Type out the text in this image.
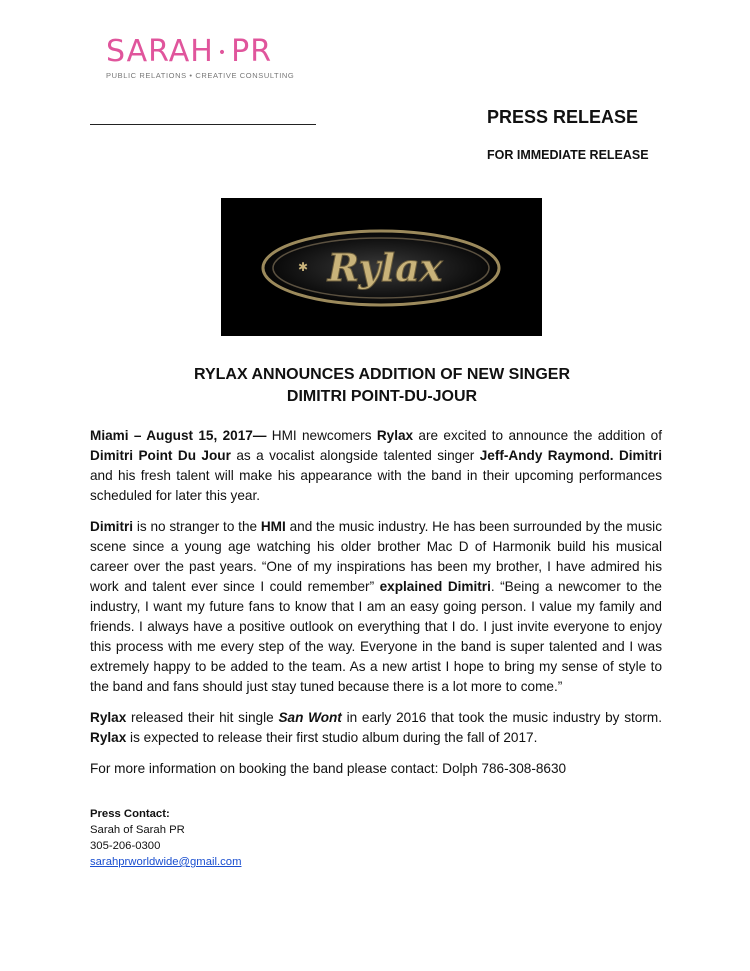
SARAH • PR
PUBLIC RELATIONS • CREATIVE CONSULTING
PRESS RELEASE
FOR IMMEDIATE RELEASE
Rylax
✱
RYLAX ANNOUNCES ADDITION OF NEW SINGER
DIMITRI POINT-DU-JOUR

Miami – August 15, 2017— HMI newcomers Rylax are excited to announce the addition of Dimitri Point Du Jour as a vocalist alongside talented singer Jeff-Andy Raymond. Dimitri and his fresh talent will make his appearance with the band in their upcoming performances scheduled for later this year.

Dimitri is no stranger to the HMI and the music industry. He has been surrounded by the music scene since a young age watching his older brother Mac D of Harmonik build his musical career over the past years. “One of my inspirations has been my brother, I have admired his work and talent ever since I could remember” explained Dimitri. “Being a newcomer to the industry, I want my future fans to know that I am an easy going person. I value my family and friends. I always have a positive outlook on everything that I do. I just invite everyone to enjoy this process with me every step of the way. Everyone in the band is super talented and I was extremely happy to be added to the team. As a new artist I hope to bring my sense of style to the band and fans should just stay tuned because there is a lot more to come.”

Rylax released their hit single San Wont in early 2016 that took the music industry by storm. Rylax is expected to release their first studio album during the fall of 2017.

For more information on booking the band please contact: Dolph 786-308-8630

Press Contact:
Sarah of Sarah PR
305-206-0300
sarahprworldwide@gmail.com
